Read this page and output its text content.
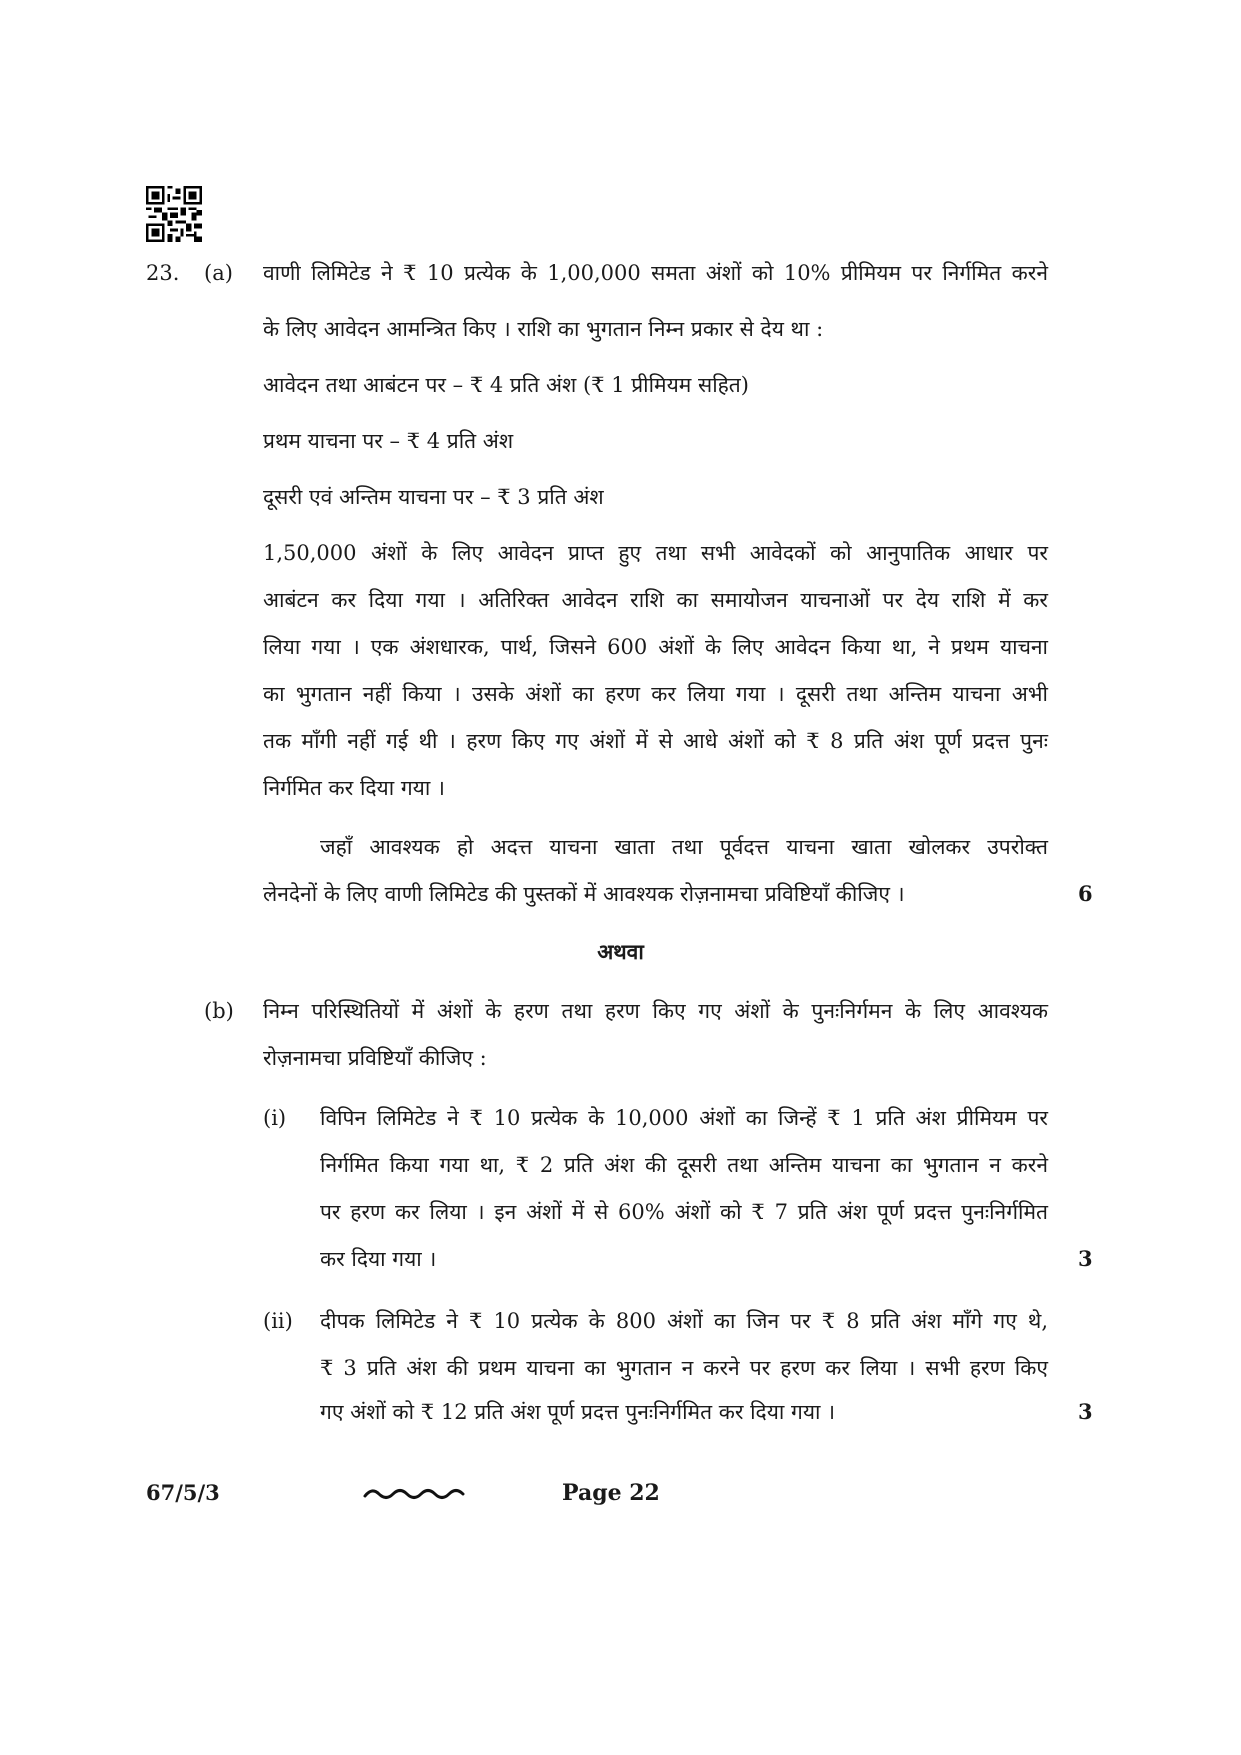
23. (a) वाणी लिमिटेड ने ₹ 10 प्रत्येक के 1,00,000 समता अंशों को 10% प्रीमियम पर निर्गमित करने
के लिए आवेदन आमन्त्रित किए । राशि का भुगतान निम्न प्रकार से देय था :
आवेदन तथा आबंटन पर – ₹ 4 प्रति अंश (₹ 1 प्रीमियम सहित)
प्रथम याचना पर – ₹ 4 प्रति अंश
दूसरी एवं अन्तिम याचना पर – ₹ 3 प्रति अंश
1,50,000 अंशों के लिए आवेदन प्राप्त हुए तथा सभी आवेदकों को आनुपातिक आधार पर
आबंटन कर दिया गया । अतिरिक्त आवेदन राशि का समायोजन याचनाओं पर देय राशि में कर
लिया गया । एक अंशधारक, पार्थ, जिसने 600 अंशों के लिए आवेदन किया था, ने प्रथम याचना
का भुगतान नहीं किया । उसके अंशों का हरण कर लिया गया । दूसरी तथा अन्तिम याचना अभी
तक माँगी नहीं गई थी । हरण किए गए अंशों में से आधे अंशों को ₹ 8 प्रति अंश पूर्ण प्रदत्त पुनः
निर्गमित कर दिया गया ।
जहाँ आवश्यक हो अदत्त याचना खाता तथा पूर्वदत्त याचना खाता खोलकर उपरोक्त
लेनदेनों के लिए वाणी लिमिटेड की पुस्तकों में आवश्यक रोज़नामचा प्रविष्टियाँ कीजिए ।	6
अथवा
(b) निम्न परिस्थितियों में अंशों के हरण तथा हरण किए गए अंशों के पुनःनिर्गमन के लिए आवश्यक
रोज़नामचा प्रविष्टियाँ कीजिए :
(i) विपिन लिमिटेड ने ₹ 10 प्रत्येक के 10,000 अंशों का जिन्हें ₹ 1 प्रति अंश प्रीमियम पर
निर्गमित किया गया था, ₹ 2 प्रति अंश की दूसरी तथा अन्तिम याचना का भुगतान न करने
पर हरण कर लिया । इन अंशों में से 60% अंशों को ₹ 7 प्रति अंश पूर्ण प्रदत्त पुनःनिर्गमित
कर दिया गया ।	3
(ii) दीपक लिमिटेड ने ₹ 10 प्रत्येक के 800 अंशों का जिन पर ₹ 8 प्रति अंश माँगे गए थे,
₹ 3 प्रति अंश की प्रथम याचना का भुगतान न करने पर हरण कर लिया । सभी हरण किए
गए अंशों को ₹ 12 प्रति अंश पूर्ण प्रदत्त पुनःनिर्गमित कर दिया गया ।	3
67/5/3	Page 22
